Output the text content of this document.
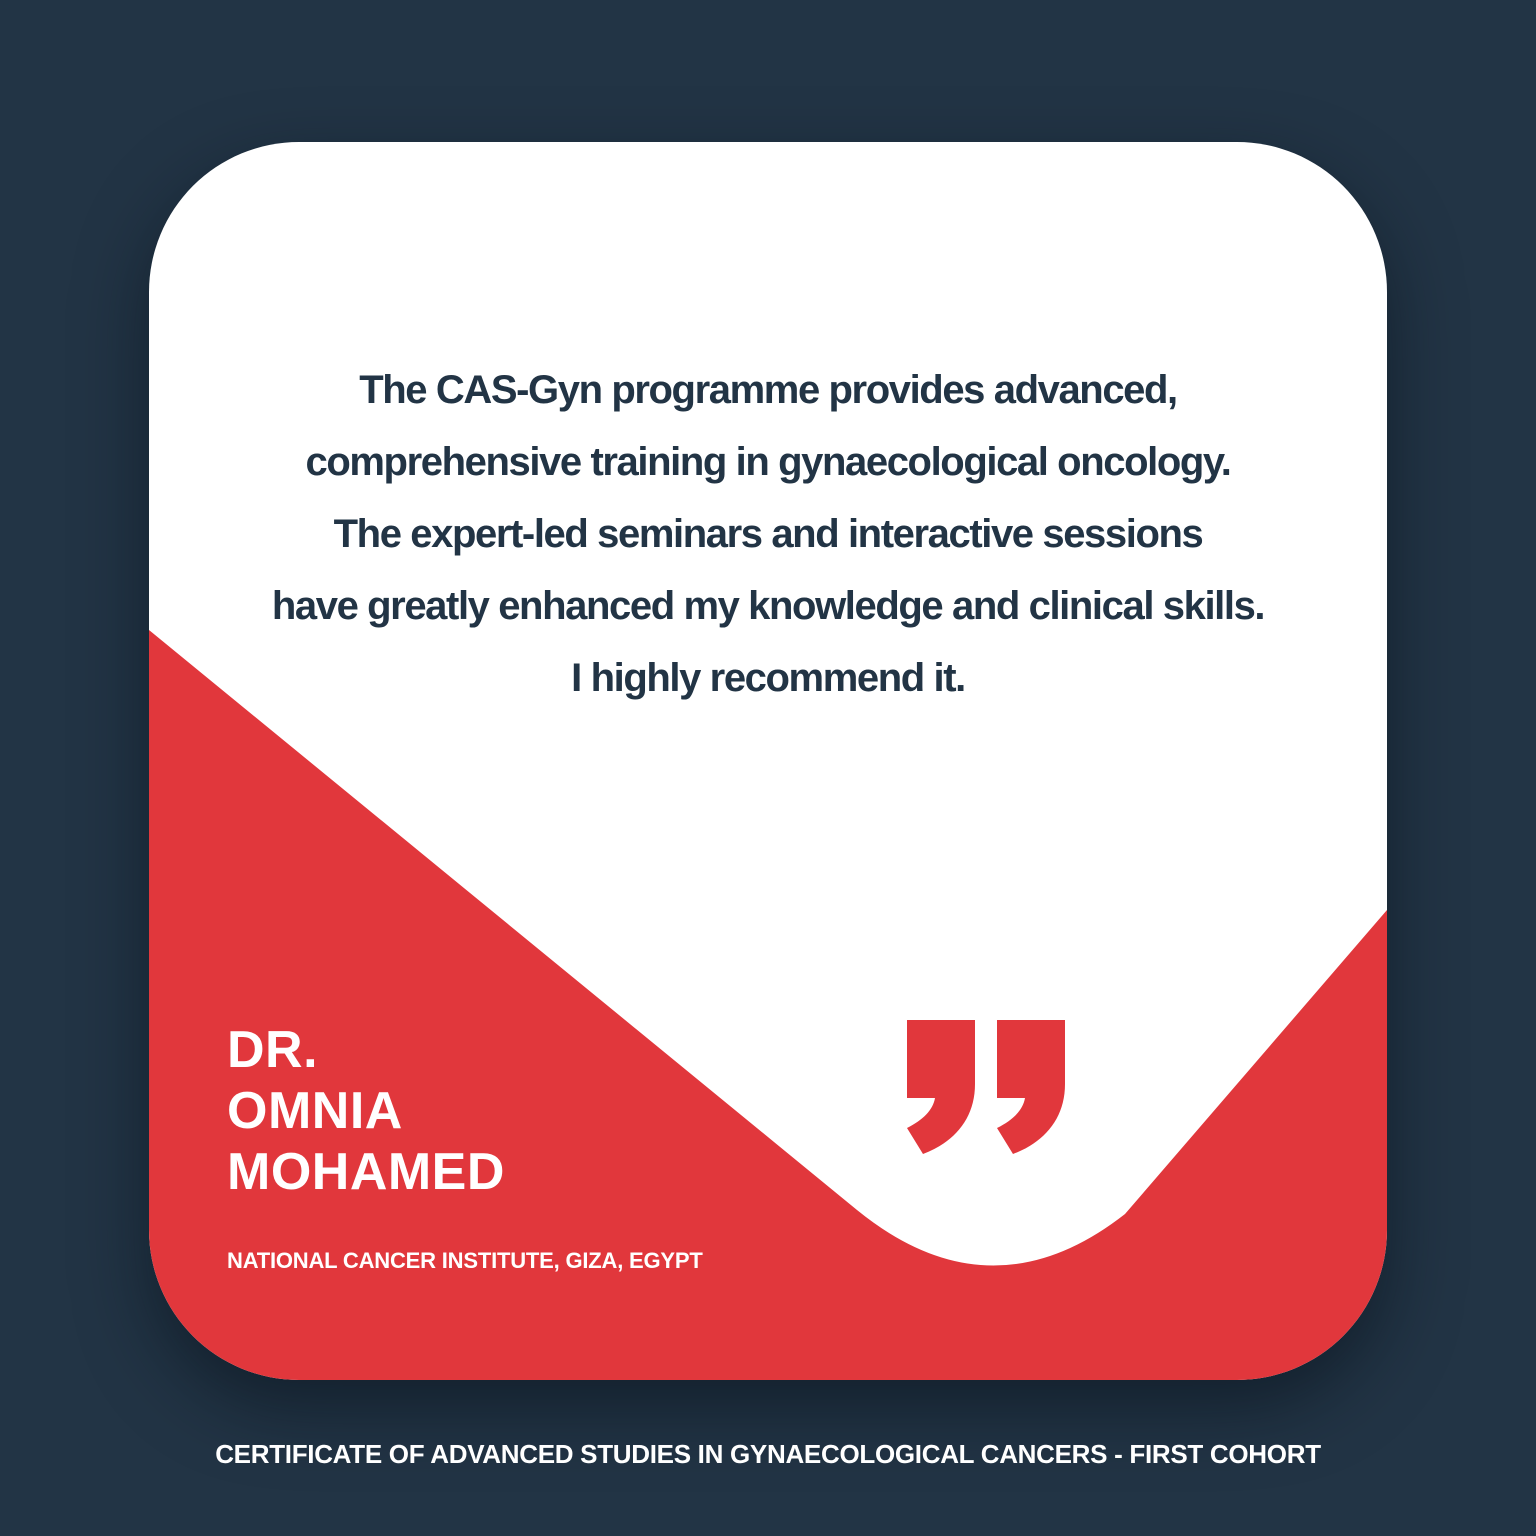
The CAS-Gyn programme provides advanced,
comprehensive training in gynaecological oncology.
The expert-led seminars and interactive sessions
have greatly enhanced my knowledge and clinical skills.
I highly recommend it.

DR.
OMNIA
MOHAMED
NATIONAL CANCER INSTITUTE, GIZA, EGYPT
CERTIFICATE OF ADVANCED STUDIES IN GYNAECOLOGICAL CANCERS - FIRST COHORT
